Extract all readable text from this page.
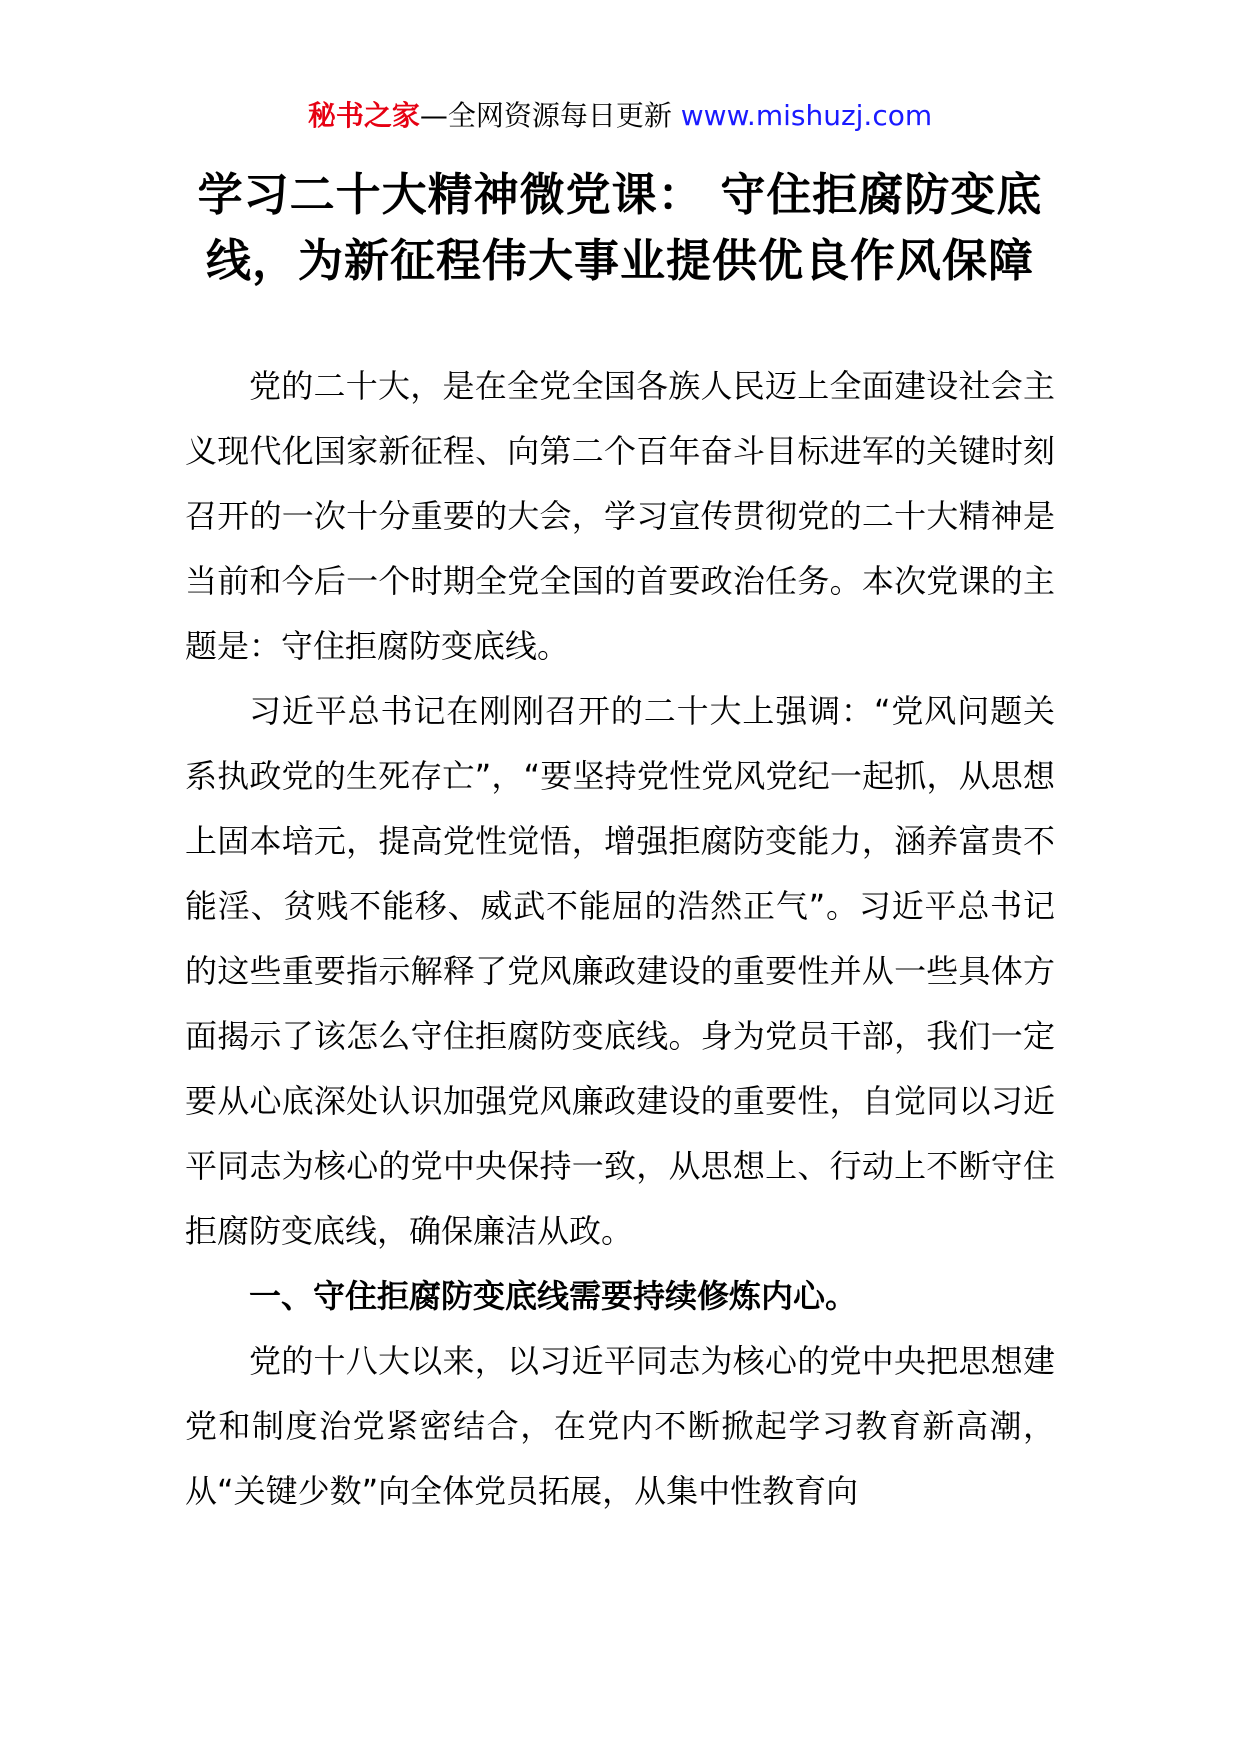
秘书之家—全网资源每日更新 www.mishuzj.com
学习二十大精神微党课： 守住拒腐防变底线，为新征程伟大事业提供优良作风保障

党的二十大，是在全党全国各族人民迈上全面建设社会主义现代化国家新征程、向第二个百年奋斗目标进军的关键时刻召开的一次十分重要的大会，学习宣传贯彻党的二十大精神是当前和今后一个时期全党全国的首要政治任务。本次党课的主题是：守住拒腐防变底线。

习近平总书记在刚刚召开的二十大上强调：“党风问题关系执政党的生死存亡”，“要坚持党性党风党纪一起抓，从思想上固本培元，提高党性觉悟，增强拒腐防变能力，涵养富贵不能淫、贫贱不能移、威武不能屈的浩然正气”。习近平总书记的这些重要指示解释了党风廉政建设的重要性并从一些具体方面揭示了该怎么守住拒腐防变底线。身为党员干部，我们一定要从心底深处认识加强党风廉政建设的重要性，自觉同以习近平同志为核心的党中央保持一致，从思想上、行动上不断守住拒腐防变底线，确保廉洁从政。

一、守住拒腐防变底线需要持续修炼内心。

党的十八大以来，以习近平同志为核心的党中央把思想建党和制度治党紧密结合，在党内不断掀起学习教育新高潮，从“关键少数”向全体党员拓展，从集中性教育向
